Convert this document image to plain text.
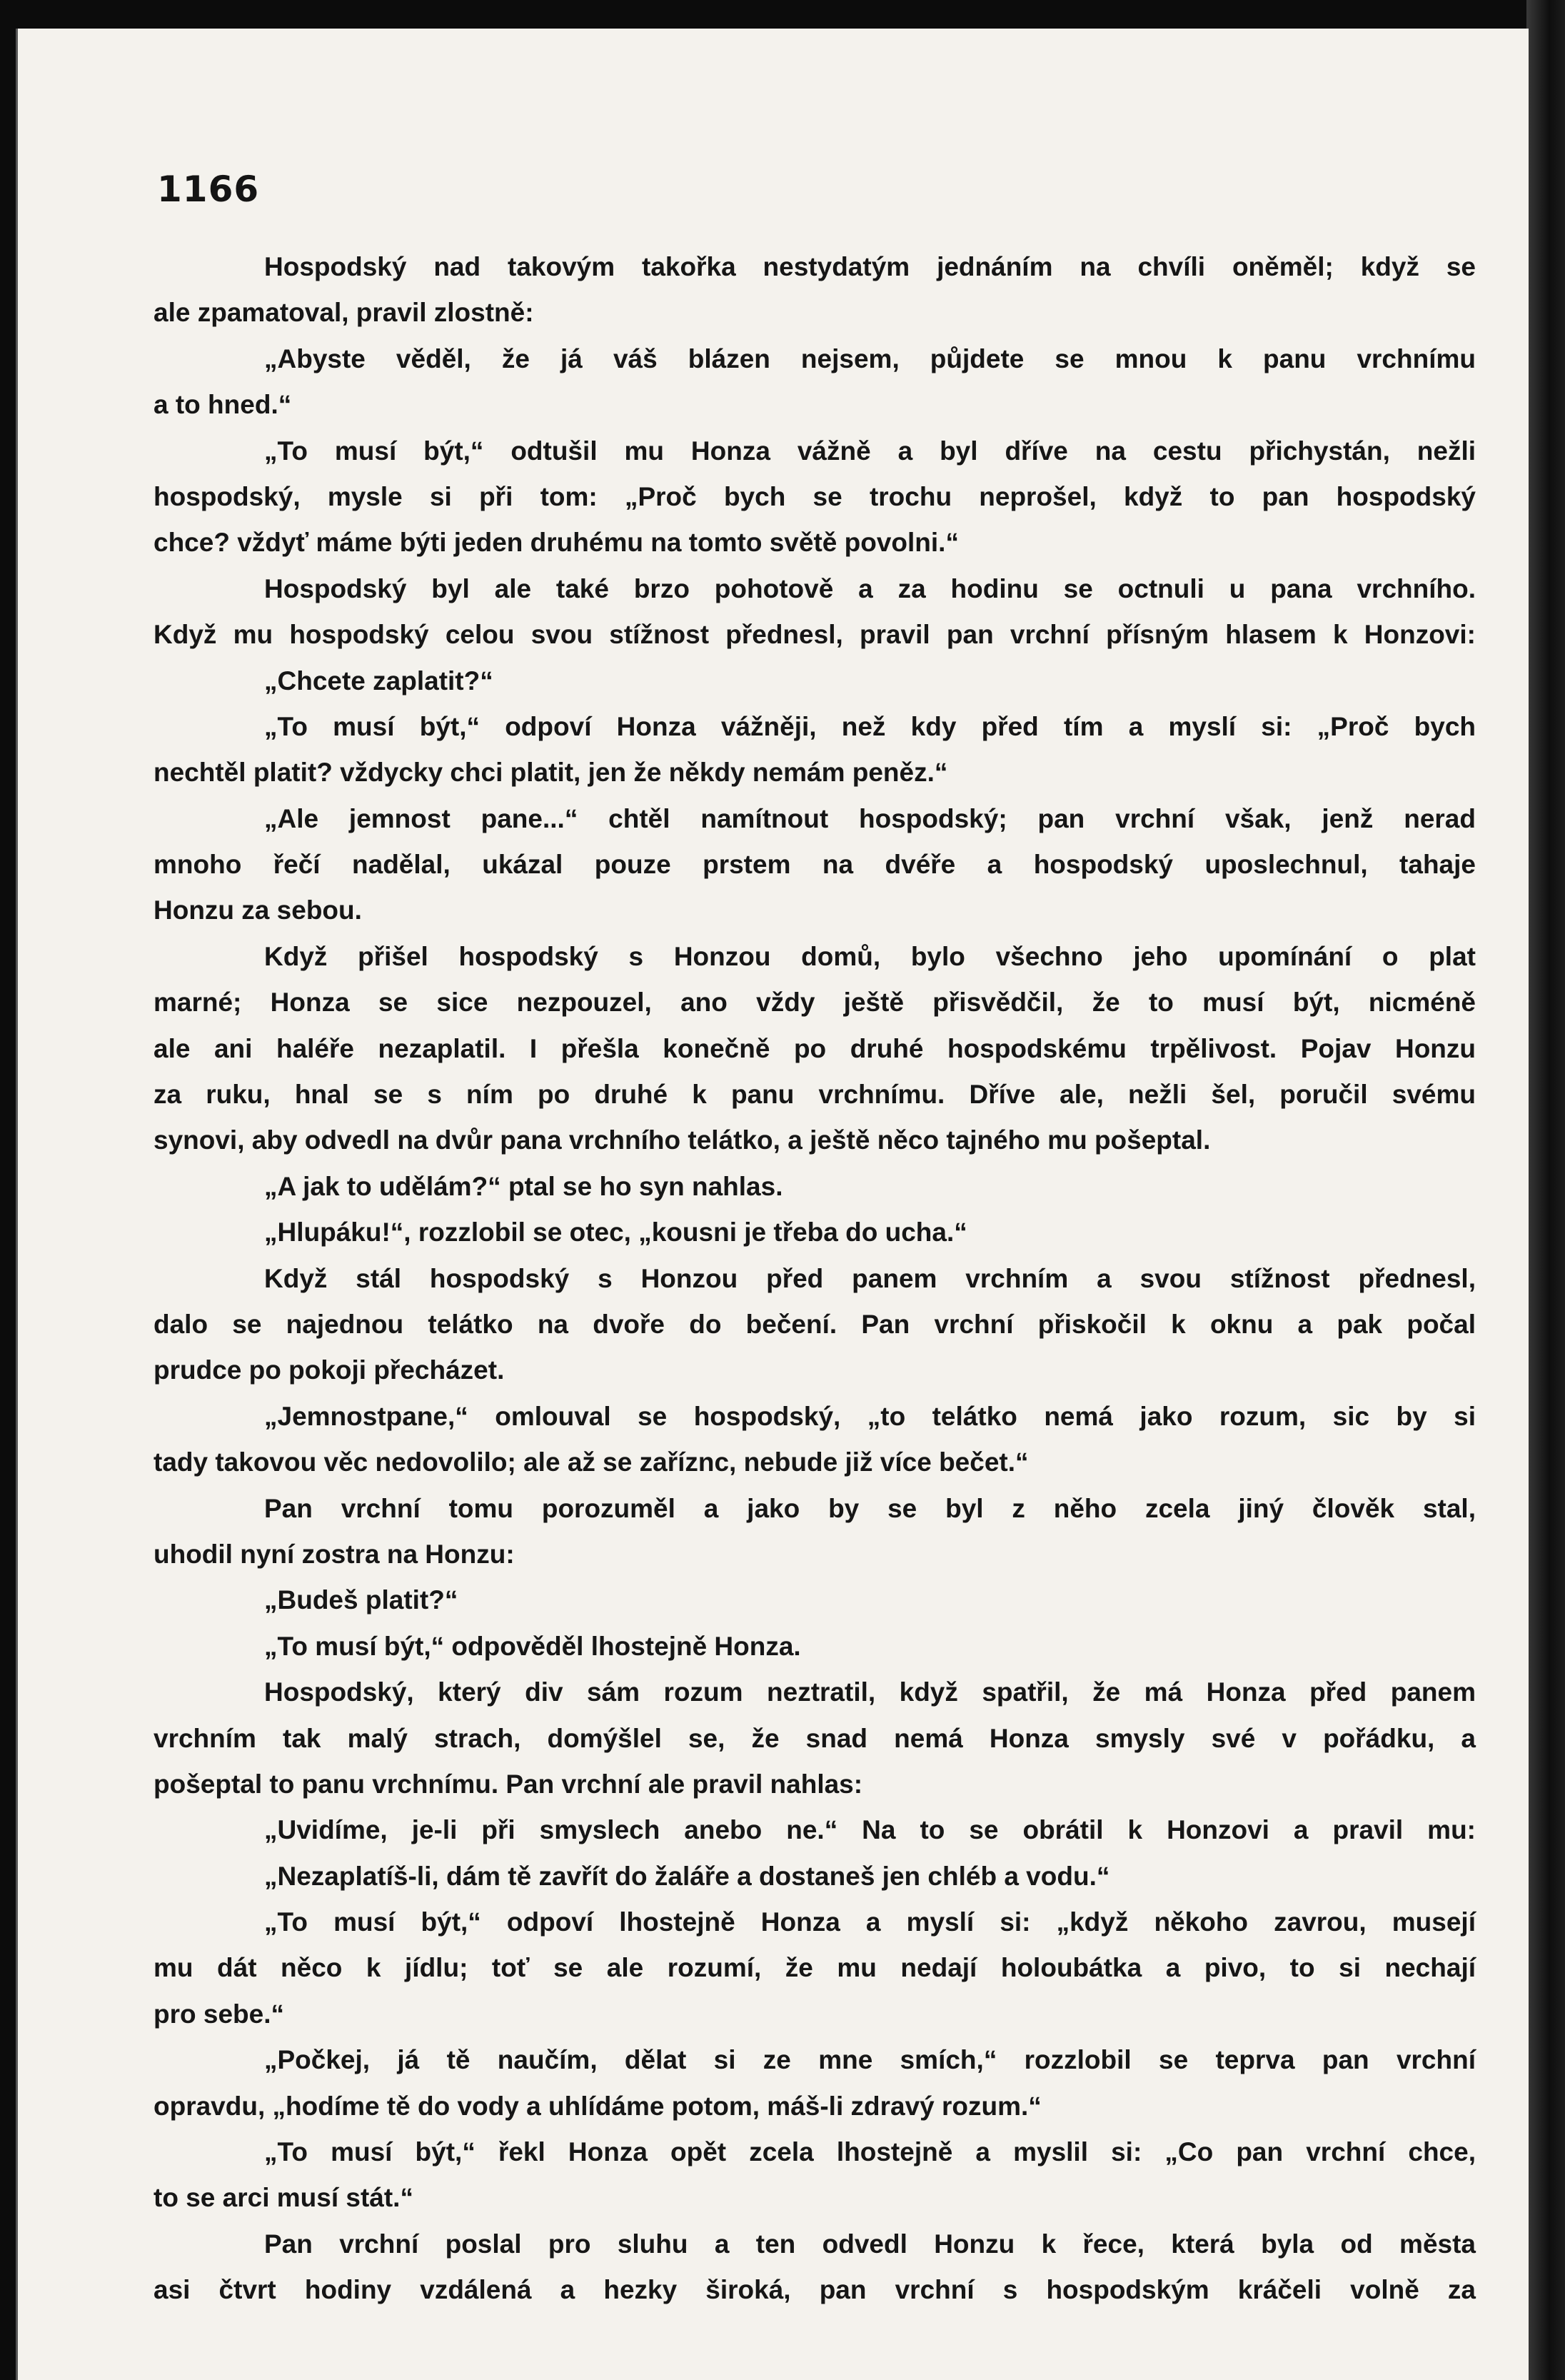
1166
Hospodský nad takovým takořka nestydatým jednáním na chvíli oněměl; když se
ale zpamatoval, pravil zlostně:
„Abyste věděl, že já váš blázen nejsem, půjdete se mnou k panu vrchnímu
a to hned.“
„To musí být,“ odtušil mu Honza vážně a byl dříve na cestu přichystán, nežli
hospodský, mysle si při tom: „Proč bych se trochu neprošel, když to pan hospodský
chce? vždyť máme býti jeden druhému na tomto světě povolni.“
Hospodský byl ale také brzo pohotově a za hodinu se octnuli u pana vrchního.
Když mu hospodský celou svou stížnost přednesl, pravil pan vrchní přísným hlasem k Honzovi:
„Chcete zaplatit?“
„To musí být,“ odpoví Honza vážněji, než kdy před tím a myslí si: „Proč bych
nechtěl platit? vždycky chci platit, jen že někdy nemám peněz.“
„Ale jemnost pane...“ chtěl namítnout hospodský; pan vrchní však, jenž nerad
mnoho řečí nadělal, ukázal pouze prstem na dvéře a hospodský uposlechnul, tahaje
Honzu za sebou.
Když přišel hospodský s Honzou domů, bylo všechno jeho upomínání o plat
marné; Honza se sice nezpouzel, ano vždy ještě přisvědčil, že to musí být, nicméně
ale ani haléře nezaplatil. I přešla konečně po druhé hospodskému trpělivost. Pojav Honzu
za ruku, hnal se s ním po druhé k panu vrchnímu. Dříve ale, nežli šel, poručil svému
synovi, aby odvedl na dvůr pana vrchního telátko, a ještě něco tajného mu pošeptal.
„A jak to udělám?“ ptal se ho syn nahlas.
„Hlupáku!“, rozzlobil se otec, „kousni je třeba do ucha.“
Když stál hospodský s Honzou před panem vrchním a svou stížnost přednesl,
dalo se najednou telátko na dvoře do bečení. Pan vrchní přiskočil k oknu a pak počal
prudce po pokoji přecházet.
„Jemnostpane,“ omlouval se hospodský, „to telátko nemá jako rozum, sic by si
tady takovou věc nedovolilo; ale až se zaříznc, nebude již více bečet.“
Pan vrchní tomu porozuměl a jako by se byl z něho zcela jiný člověk stal,
uhodil nyní zostra na Honzu:
„Budeš platit?“
„To musí být,“ odpověděl lhostejně Honza.
Hospodský, který div sám rozum neztratil, když spatřil, že má Honza před panem
vrchním tak malý strach, domýšlel se, že snad nemá Honza smysly své v pořádku, a
pošeptal to panu vrchnímu. Pan vrchní ale pravil nahlas:
„Uvidíme, je-li při smyslech anebo ne.“ Na to se obrátil k Honzovi a pravil mu:
„Nezaplatíš-li, dám tě zavřít do žaláře a dostaneš jen chléb a vodu.“
„To musí být,“ odpoví lhostejně Honza a myslí si: „když někoho zavrou, musejí
mu dát něco k jídlu; toť se ale rozumí, že mu nedají holoubátka a pivo, to si nechají
pro sebe.“
„Počkej, já tě naučím, dělat si ze mne smích,“ rozzlobil se teprva pan vrchní
opravdu, „hodíme tě do vody a uhlídáme potom, máš-li zdravý rozum.“
„To musí být,“ řekl Honza opět zcela lhostejně a myslil si: „Co pan vrchní chce,
to se arci musí stát.“
Pan vrchní poslal pro sluhu a ten odvedl Honzu k řece, která byla od města
asi čtvrt hodiny vzdálená a hezky široká, pan vrchní s hospodským kráčeli volně za
